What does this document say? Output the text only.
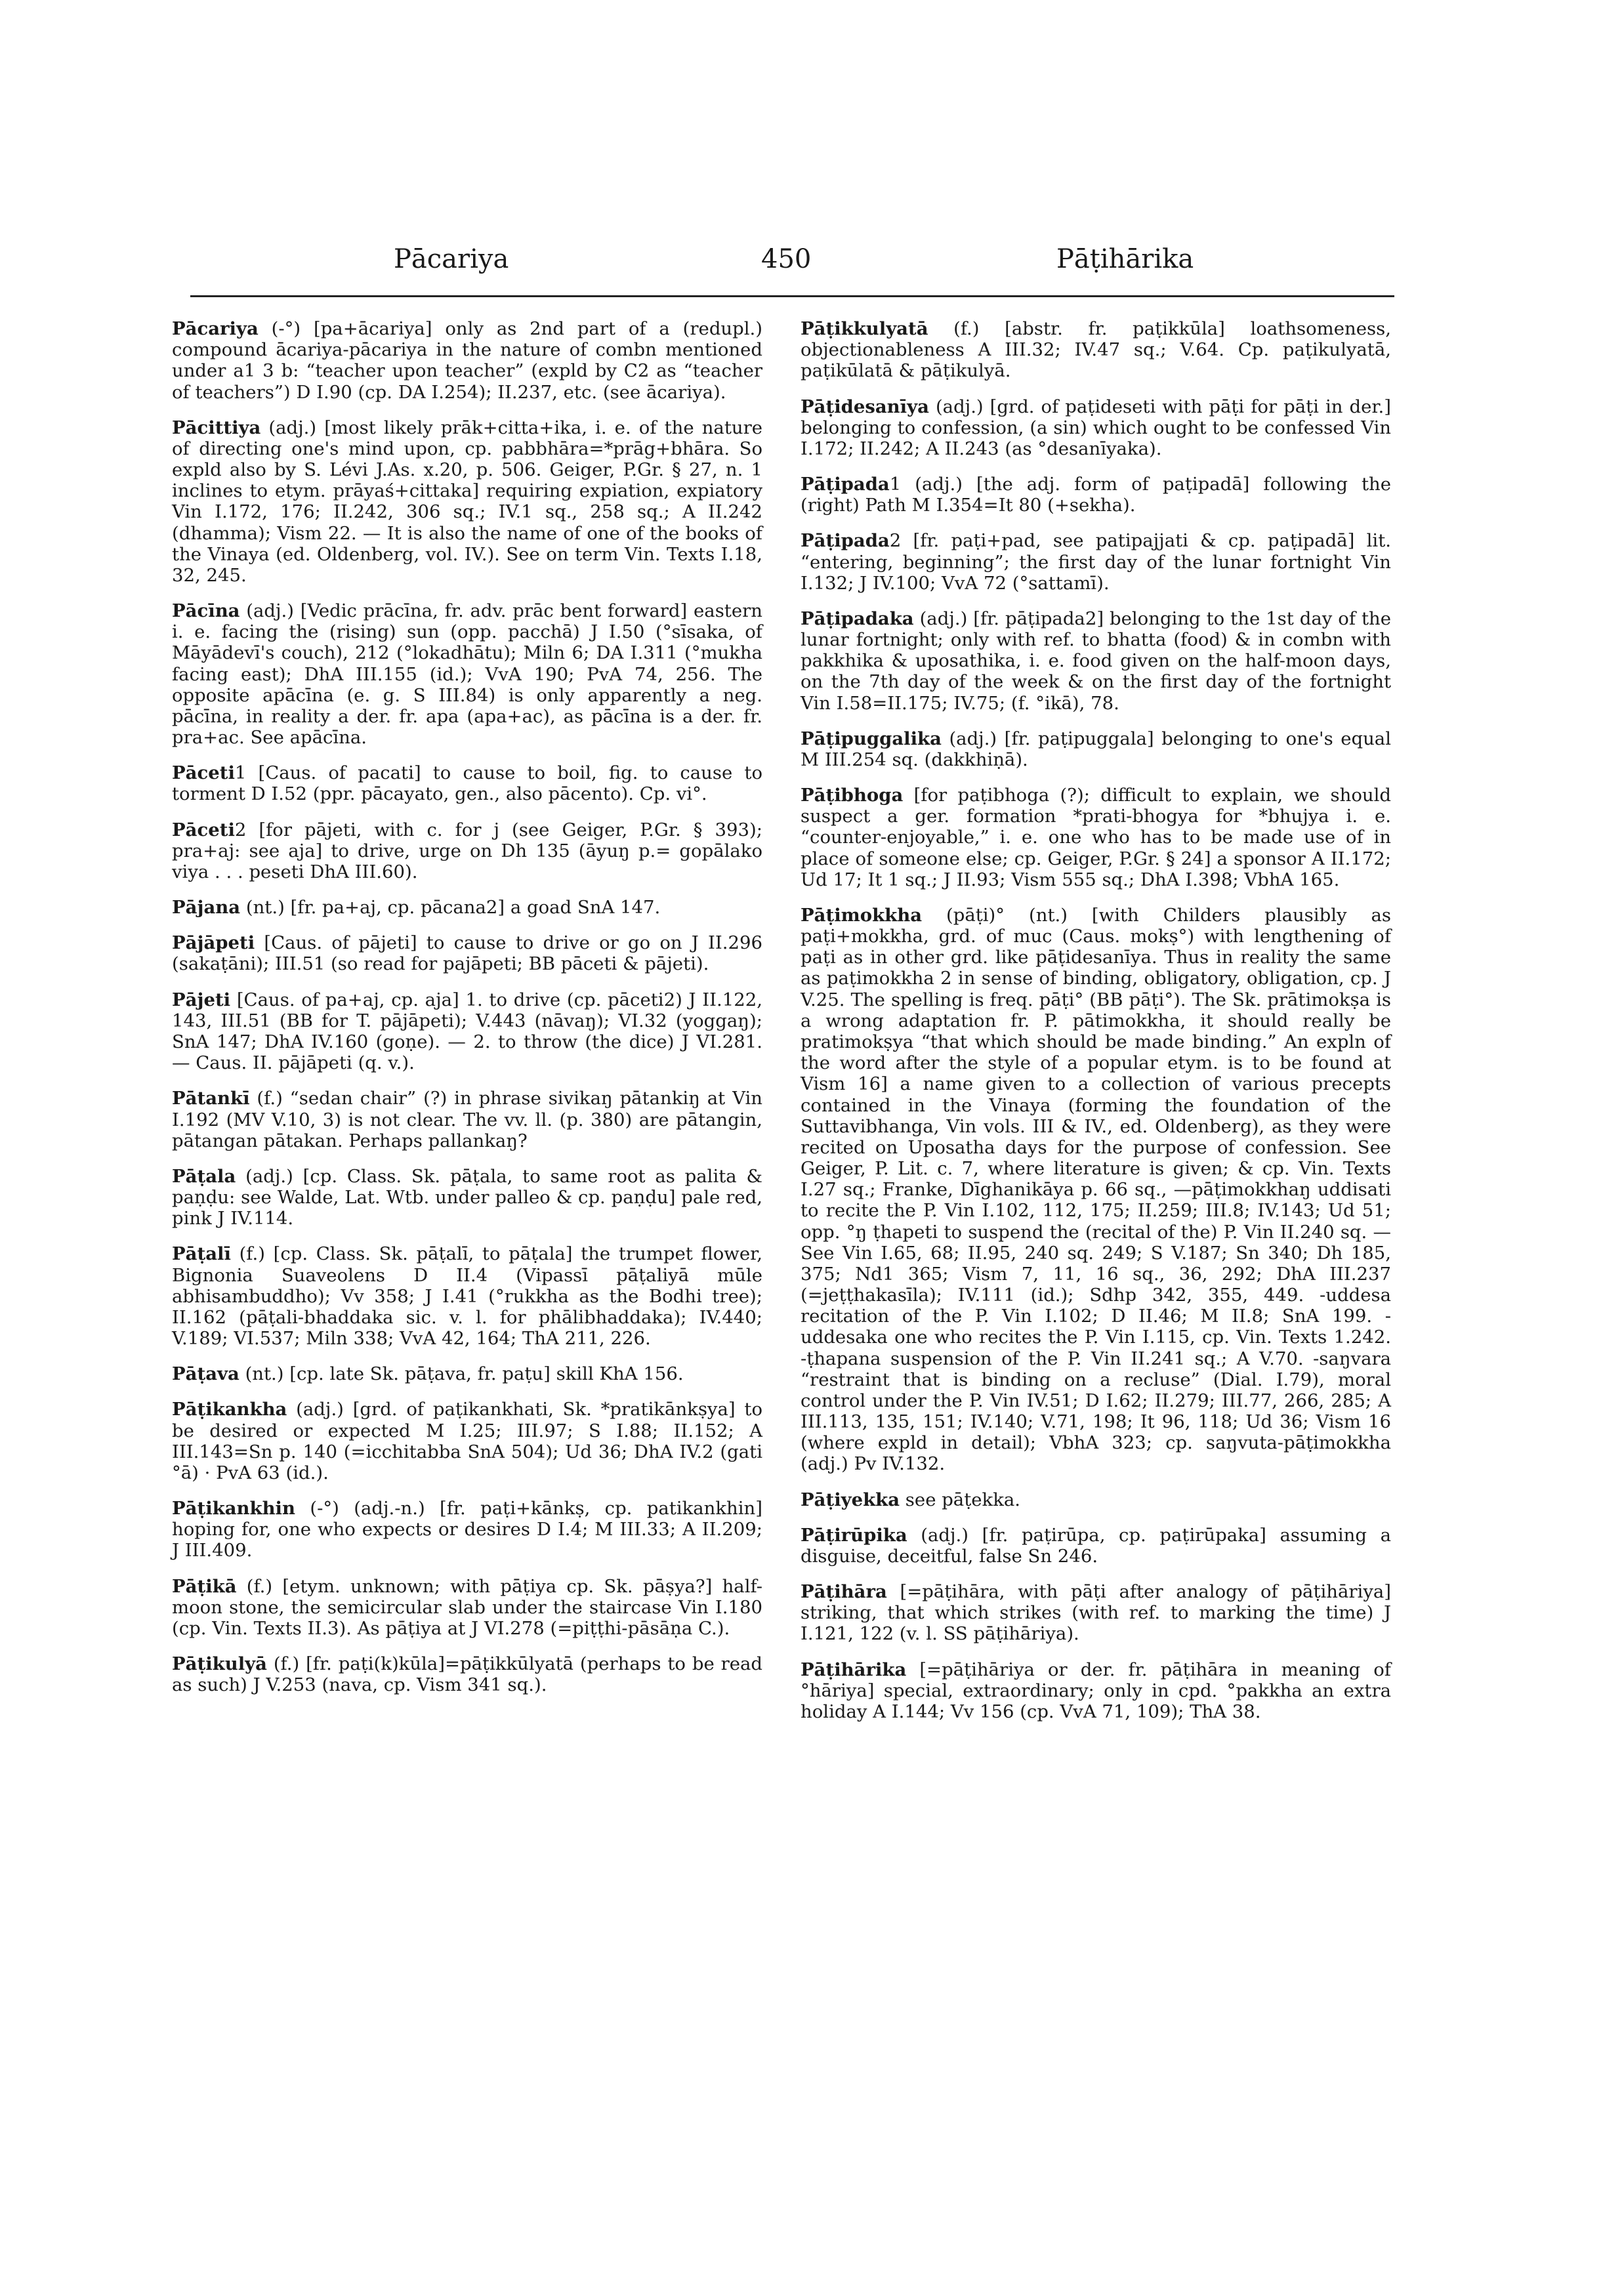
Pācariya	450	Pāṭihārika

Pācariya (-°) [pa+ācariya] only as 2nd part of a (redupl.) compound ācariya-pācariya in the nature of combn mentioned under a1 3 b: “teacher upon teacher” (expld by C2 as “teacher of teachers”) D I.90 (cp. DA I.254); II.237, etc. (see ācariya).

Pācittiya (adj.) [most likely prāk+citta+ika, i. e. of the nature of directing one's mind upon, cp. pabbhāra=*prāg+bhāra. So expld also by S. Lévi J.As. x.20, p. 506. Geiger, P.Gr. § 27, n. 1 inclines to etym. prāyaś+cittaka] requiring expiation, expiatory Vin I.172, 176; II.242, 306 sq.; IV.1 sq., 258 sq.; A II.242 (dhamma); Vism 22. — It is also the name of one of the books of the Vinaya (ed. Oldenberg, vol. IV.). See on term Vin. Texts I.18, 32, 245.

Pācīna (adj.) [Vedic prācīna, fr. adv. prāc bent forward] eastern i. e. facing the (rising) sun (opp. pacchā) J I.50 (°sīsaka, of Māyādevī's couch), 212 (°lokadhātu); Miln 6; DA I.311 (°mukha facing east); DhA III.155 (id.); VvA 190; PvA 74, 256. The opposite apācīna (e. g. S III.84) is only apparently a neg. pācīna, in reality a der. fr. apa (apa+ac), as pācīna is a der. fr. pra+ac. See apācīna.

Pāceti1 [Caus. of pacati] to cause to boil, fig. to cause to torment D I.52 (ppr. pācayato, gen., also pācento). Cp. vi°.

Pāceti2 [for pājeti, with c. for j (see Geiger, P.Gr. § 393); pra+aj: see aja] to drive, urge on Dh 135 (āyuŋ p.= gopālako viya . . . peseti DhA III.60).

Pājana (nt.) [fr. pa+aj, cp. pācana2] a goad SnA 147.

Pājāpeti [Caus. of pājeti] to cause to drive or go on J II.296 (sakaṭāni); III.51 (so read for pajāpeti; BB pāceti & pājeti).

Pājeti [Caus. of pa+aj, cp. aja] 1. to drive (cp. pāceti2) J II.122, 143, III.51 (BB for T. pājāpeti); V.443 (nāvaŋ); VI.32 (yoggaŋ); SnA 147; DhA IV.160 (goṇe). — 2. to throw (the dice) J VI.281. — Caus. II. pājāpeti (q. v.).

Pātankī (f.) “sedan chair” (?) in phrase sivikaŋ pātankiŋ at Vin I.192 (MV V.10, 3) is not clear. The vv. ll. (p. 380) are pātangin, pātangan pātakan. Perhaps pallankaŋ?

Pāṭala (adj.) [cp. Class. Sk. pāṭala, to same root as palita & paṇḍu: see Walde, Lat. Wtb. under palleo & cp. paṇḍu] pale red, pink J IV.114.

Pāṭalī (f.) [cp. Class. Sk. pāṭalī, to pāṭala] the trumpet flower, Bignonia Suaveolens D II.4 (Vipassī pāṭaliyā mūle abhisambuddho); Vv 358; J I.41 (°rukkha as the Bodhi tree); II.162 (pāṭali-bhaddaka sic. v. l. for phālibhaddaka); IV.440; V.189; VI.537; Miln 338; VvA 42, 164; ThA 211, 226.

Pāṭava (nt.) [cp. late Sk. pāṭava, fr. paṭu] skill KhA 156.

Pāṭikankha (adj.) [grd. of paṭikankhati, Sk. *pratikānkṣya] to be desired or expected M I.25; III.97; S I.88; II.152; A III.143=Sn p. 140 (=icchitabba SnA 504); Ud 36; DhA IV.2 (gati °ā) · PvA 63 (id.).

Pāṭikankhin (-°) (adj.-n.) [fr. paṭi+kānkṣ, cp. patikankhin] hoping for, one who expects or desires D I.4; M III.33; A II.209; J III.409.

Pāṭikā (f.) [etym. unknown; with pāṭiya cp. Sk. pāṣya?] half-moon stone, the semicircular slab under the staircase Vin I.180 (cp. Vin. Texts II.3). As pāṭiya at J VI.278 (=piṭṭhi-pāsāṇa C.).

Pāṭikulyā (f.) [fr. paṭi(k)kūla]=pāṭikkūlyatā (perhaps to be read as such) J V.253 (nava, cp. Vism 341 sq.).

Pāṭikkulyatā (f.) [abstr. fr. paṭikkūla] loathsomeness, objectionableness A III.32; IV.47 sq.; V.64. Cp. paṭikulyatā, paṭikūlatā & pāṭikulyā.

Pāṭidesanīya (adj.) [grd. of paṭideseti with pāṭi for pāṭi in der.] belonging to confession, (a sin) which ought to be confessed Vin I.172; II.242; A II.243 (as °desanīyaka).

Pāṭipada1 (adj.) [the adj. form of paṭipadā] following the (right) Path M I.354=It 80 (+sekha).

Pāṭipada2 [fr. paṭi+pad, see patipajjati & cp. paṭipadā] lit. “entering, beginning”; the first day of the lunar fortnight Vin I.132; J IV.100; VvA 72 (°sattamī).

Pāṭipadaka (adj.) [fr. pāṭipada2] belonging to the 1st day of the lunar fortnight; only with ref. to bhatta (food) & in combn with pakkhika & uposathika, i. e. food given on the half-moon days, on the 7th day of the week & on the first day of the fortnight Vin I.58=II.175; IV.75; (f. °ikā), 78.

Pāṭipuggalika (adj.) [fr. paṭipuggala] belonging to one's equal M III.254 sq. (dakkhiṇā).

Pāṭibhoga [for paṭibhoga (?); difficult to explain, we should suspect a ger. formation *prati-bhogya for *bhujya i. e. “counter-enjoyable,” i. e. one who has to be made use of in place of someone else; cp. Geiger, P.Gr. § 24] a sponsor A II.172; Ud 17; It 1 sq.; J II.93; Vism 555 sq.; DhA I.398; VbhA 165.

Pāṭimokkha (pāṭi)° (nt.) [with Childers plausibly as paṭi+mokkha, grd. of muc (Caus. mokṣ°) with lengthening of paṭi as in other grd. like pāṭidesanīya. Thus in reality the same as paṭimokkha 2 in sense of binding, obligatory, obligation, cp. J V.25. The spelling is freq. pāṭi° (BB pāṭi°). The Sk. prātimokṣa is a wrong adaptation fr. P. pātimokkha, it should really be pratimokṣya “that which should be made binding.” An expln of the word after the style of a popular etym. is to be found at Vism 16] a name given to a collection of various precepts contained in the Vinaya (forming the foundation of the Suttavibhanga, Vin vols. III & IV., ed. Oldenberg), as they were recited on Uposatha days for the purpose of confession. See Geiger, P. Lit. c. 7, where literature is given; & cp. Vin. Texts I.27 sq.; Franke, Dīghanikāya p. 66 sq., —pāṭimokkhaŋ uddisati to recite the P. Vin I.102, 112, 175; II.259; III.8; IV.143; Ud 51; opp. °ŋ ṭhapeti to suspend the (recital of the) P. Vin II.240 sq. — See Vin I.65, 68; II.95, 240 sq. 249; S V.187; Sn 340; Dh 185, 375; Nd1 365; Vism 7, 11, 16 sq., 36, 292; DhA III.237 (=jeṭṭhakasīla); IV.111 (id.); Sdhp 342, 355, 449. -uddesa recitation of the P. Vin I.102; D II.46; M II.8; SnA 199. -uddesaka one who recites the P. Vin I.115, cp. Vin. Texts 1.242. -ṭhapana suspension of the P. Vin II.241 sq.; A V.70. -saŋvara “restraint that is binding on a recluse” (Dial. I.79), moral control under the P. Vin IV.51; D I.62; II.279; III.77, 266, 285; A III.113, 135, 151; IV.140; V.71, 198; It 96, 118; Ud 36; Vism 16 (where expld in detail); VbhA 323; cp. saŋvuta-pāṭimokkha (adj.) Pv IV.132.

Pāṭiyekka see pāṭekka.

Pāṭirūpika (adj.) [fr. paṭirūpa, cp. paṭirūpaka] assuming a disguise, deceitful, false Sn 246.

Pāṭihāra [=pāṭihāra, with pāṭi after analogy of pāṭihāriya] striking, that which strikes (with ref. to marking the time) J I.121, 122 (v. l. SS pāṭihāriya).

Pāṭihārika [=pāṭihāriya or der. fr. pāṭihāra in meaning of °hāriya] special, extraordinary; only in cpd. °pakkha an extra holiday A I.144; Vv 156 (cp. VvA 71, 109); ThA 38.
